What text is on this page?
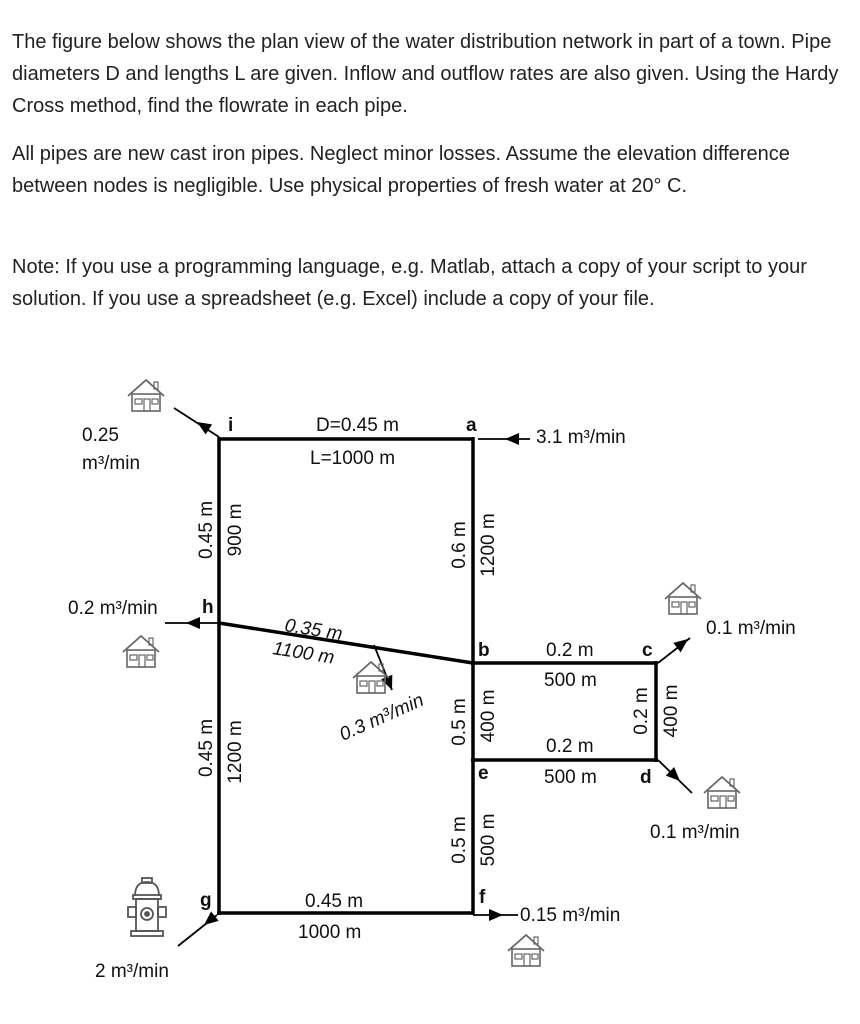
The figure below shows the plan view of the water distribution network in part of a town. Pipe diameters D and lengths L are given. Inflow and outflow rates are also given. Using the Hardy Cross method, find the flowrate in each pipe.

All pipes are new cast iron pipes. Neglect minor losses. Assume the elevation difference between nodes is negligible. Use physical properties of fresh water at 20° C.

Note: If you use a programming language, e.g. Matlab, attach a copy of your script to your solution. If you use a spreadsheet (e.g. Excel) include a copy of your file.

i	a
h
b	c
e	d
g	f
D=0.45 m
L=1000 m
0.45 m 900 m	0.6 m 1200 m
0.35 m
1100 m	0.2 m
500 m
0.2 m 400 m
0.2 m
500 m
0.5 m 400 m
0.5 m 500 m
0.45 m 1200 m
0.45 m
1000 m
0.25
m³/min
3.1 m³/min
0.2 m³/min
0.3 m³/min
0.1 m³/min
0.1 m³/min
0.15 m³/min
2 m³/min
